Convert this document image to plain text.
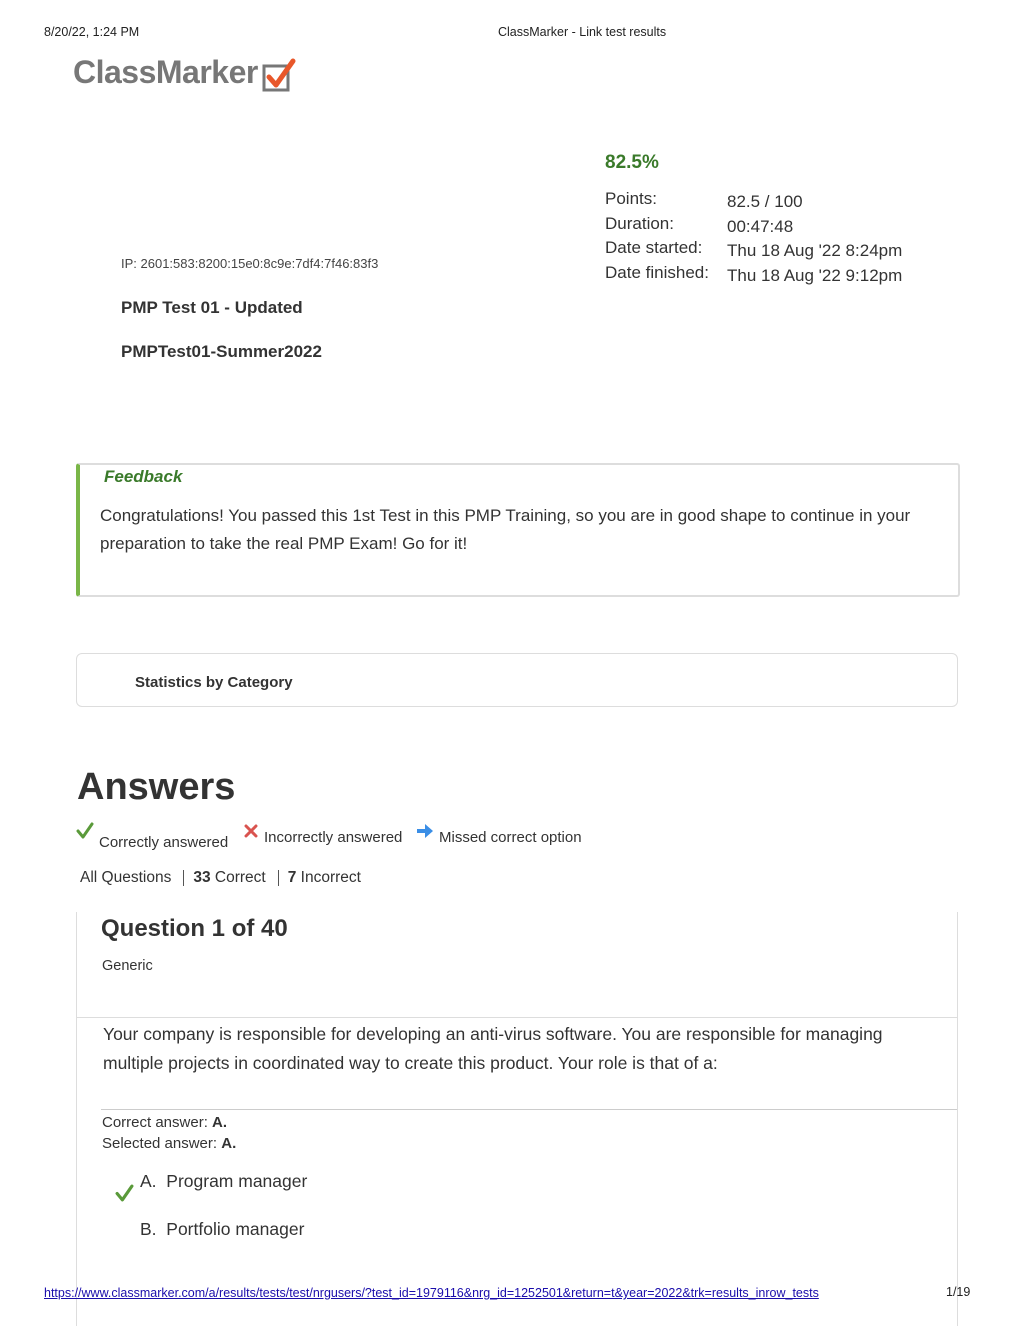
8/20/22, 1:24 PM	ClassMarker - Link test results
ClassMarker
82.5%
Points:	82.5 / 100
Duration:	00:47:48
Date started:	Thu 18 Aug '22 8:24pm
Date finished:	Thu 18 Aug '22 9:12pm
IP: 2601:583:8200:15e0:8c9e:7df4:7f46:83f3
PMP Test 01 - Updated
PMPTest01-Summer2022
Feedback
Congratulations! You passed this 1st Test in this PMP Training, so you are in good shape to continue in your preparation to take the real PMP Exam! Go for it!
Statistics by Category
Answers
Correctly answered Incorrectly answered Missed correct option
All Questions 33 Correct 7 Incorrect
Question 1 of 40
Generic
Your company is responsible for developing an anti-virus software. You are responsible for managing multiple projects in coordinated way to create this product. Your role is that of a:
Correct answer: A.
Selected answer: A.
A. Program manager
B. Portfolio manager
https://www.classmarker.com/a/results/tests/test/nrgusers/?test_id=1979116&nrg_id=1252501&return=t&year=2022&trk=results_inrow_tests	1/19
